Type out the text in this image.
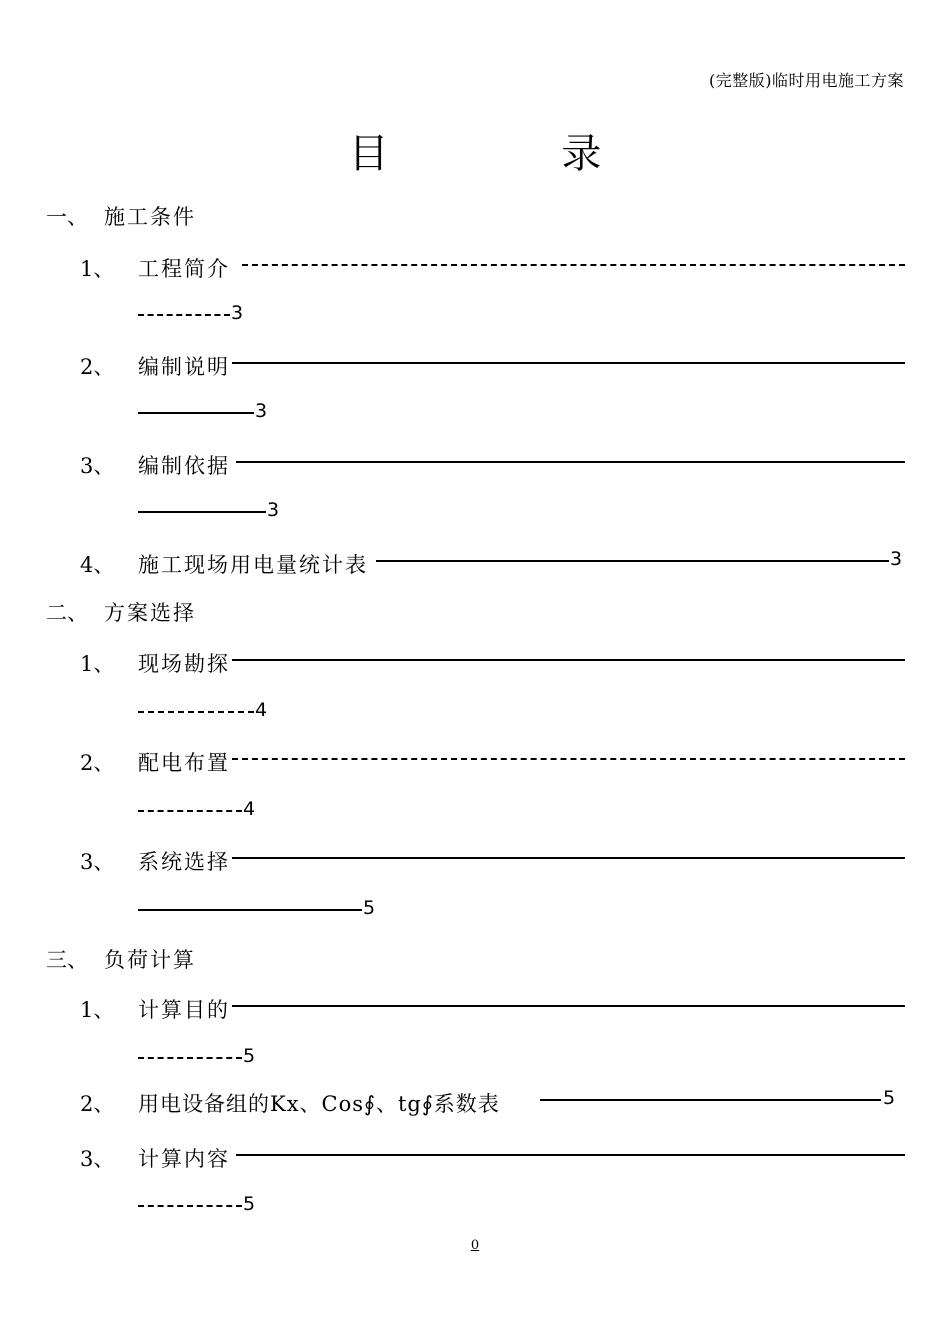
(完整版)临时用电施工方案
目 录
一、 施工条件
1、 工程简介
3
2、 编制说明
3
3、 编制依据
3
4、 施工现场用电量统计表	3
二、 方案选择
1、 现场勘探
4
2、 配电布置
4
3、 系统选择
5
三、 负荷计算
1、 计算目的
5
2、 用电设备组的Kx、Cos∮、tg∮系数表	5
3、 计算内容
5
0
